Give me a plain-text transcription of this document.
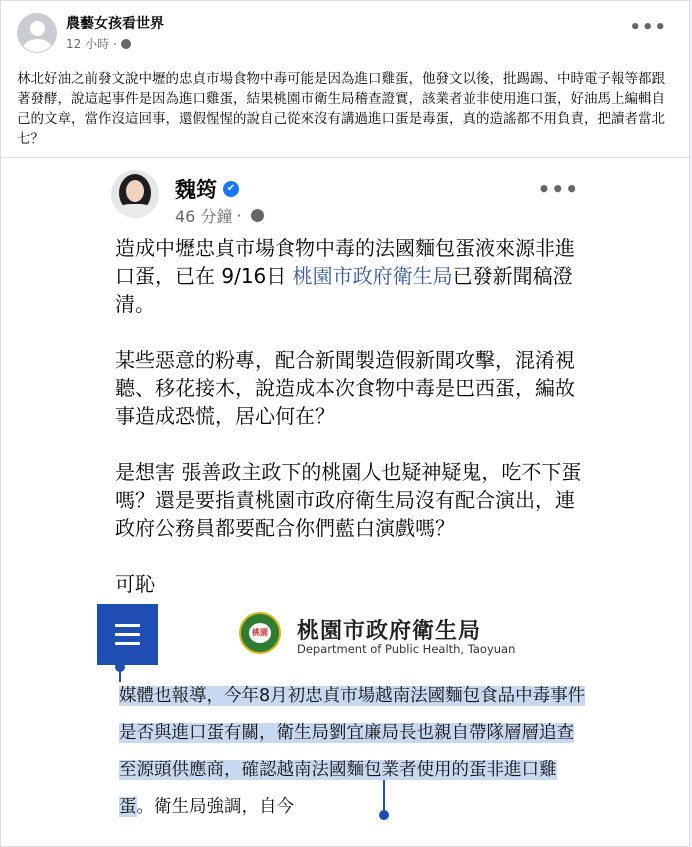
農藝女孩看世界
12 小時 ·
•••
林北好油之前發文說中壢的忠貞市場食物中毒可能是因為進口雞蛋，他發文以後，批踢踢、中時電子報等都跟著發酵，說這起事件是因為進口雞蛋，結果桃園市衛生局稽查證實，該業者並非使用進口蛋，好油馬上編輯自己的文章，當作沒這回事，還假惺惺的說自己從來沒有講過進口蛋是毒蛋，真的造謠都不用負責，把讀者當北七？
魏筠 ✔
46 分鐘 ·
•••

造成中壢忠貞市場食物中毒的法國麵包蛋液來源非進口蛋，已在 9/16日 桃園市政府衛生局已發新聞稿澄清。

某些惡意的粉專，配合新聞製造假新聞攻擊，混淆視聽、移花接木，說造成本次食物中毒是巴西蛋，編故事造成恐慌，居心何在？

是想害 張善政主政下的桃園人也疑神疑鬼，吃不下蛋嗎？還是要指責桃園市政府衛生局沒有配合演出，連政府公務員都要配合你們藍白演戲嗎？

可恥

桃園 桃園市政府衛生局
Department of Public Health, Taoyuan
媒體也報導，今年8月初忠貞市場越南法國麵包食品中毒事件是否與進口蛋有關，衛生局劉宜廉局長也親自帶隊層層追查至源頭供應商，確認越南法國麵包業者使用的蛋非進口雞蛋。衛生局強調，自今
